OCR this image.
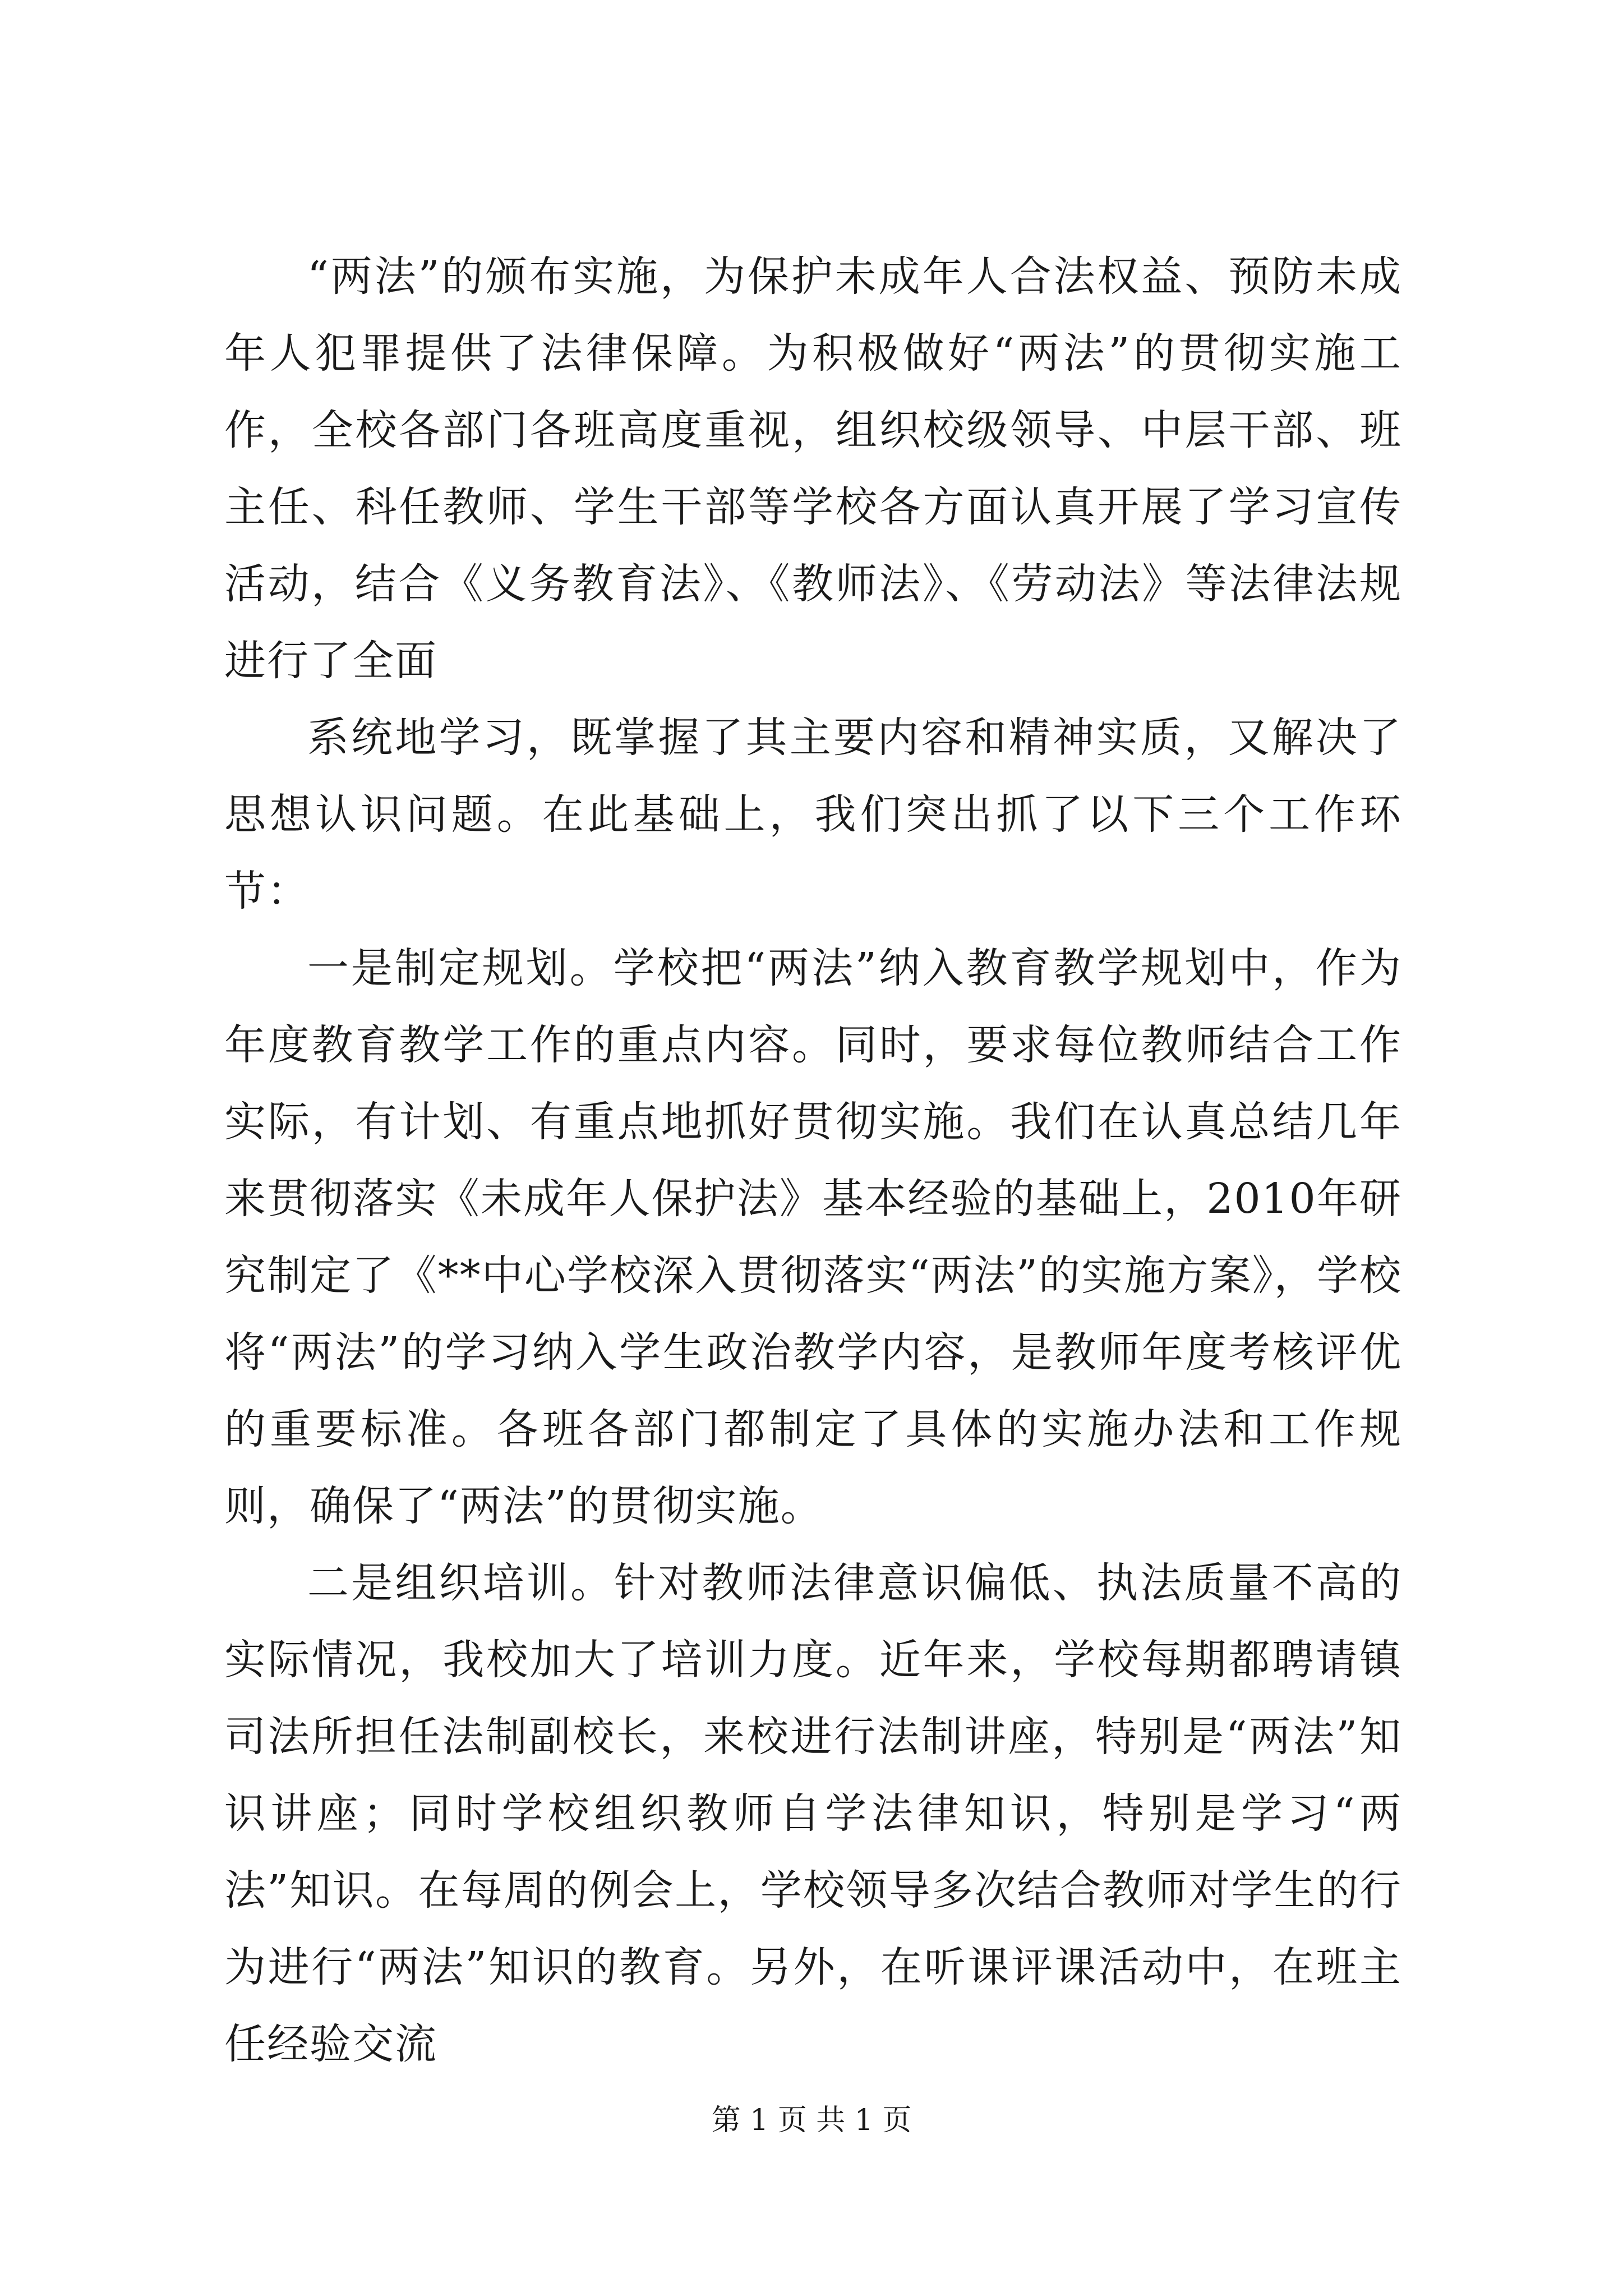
“两法”的颁布实施，为保护未成年人合法权益、预防未成年人犯罪提供了法律保障。为积极做好“两法”的贯彻实施工作，全校各部门各班高度重视，组织校级领导、中层干部、班主任、科任教师、学生干部等学校各方面认真开展了学习宣传活动，结合《义务教育法》、《教师法》、《劳动法》等法律法规进行了全面

系统地学习，既掌握了其主要内容和精神实质，又解决了思想认识问题。在此基础上，我们突出抓了以下三个工作环节：

一是制定规划。学校把“两法”纳入教育教学规划中，作为年度教育教学工作的重点内容。同时，要求每位教师结合工作实际，有计划、有重点地抓好贯彻实施。我们在认真总结几年来贯彻落实《未成年人保护法》基本经验的基础上，2010年研究制定了《**中心学校深入贯彻落实“两法”的实施方案》，学校将“两法”的学习纳入学生政治教学内容，是教师年度考核评优的重要标准。各班各部门都制定了具体的实施办法和工作规则，确保了“两法”的贯彻实施。

二是组织培训。针对教师法律意识偏低、执法质量不高的实际情况，我校加大了培训力度。近年来，学校每期都聘请镇司法所担任法制副校长，来校进行法制讲座，特别是“两法”知识讲座；同时学校组织教师自学法律知识，特别是学习“两法”知识。在每周的例会上，学校领导多次结合教师对学生的行为进行“两法”知识的教育。另外，在听课评课活动中，在班主任经验交流

第 1 页 共 1 页
